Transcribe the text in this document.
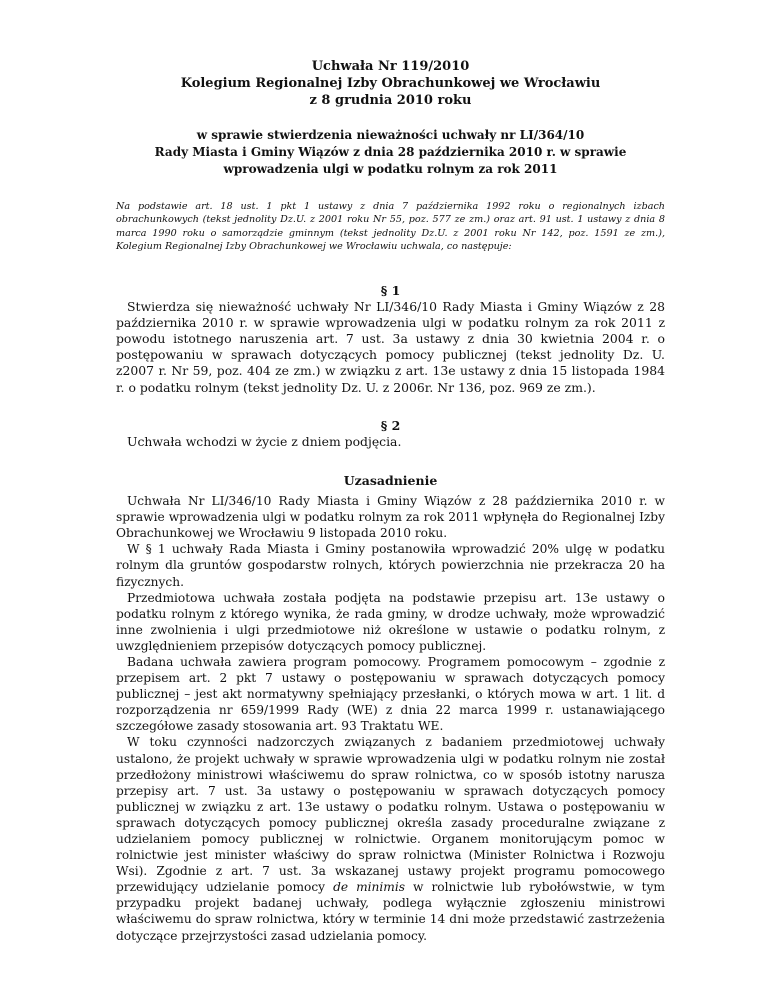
Uchwała Nr 119/2010

Kolegium Regionalnej Izby Obrachunkowej we Wrocławiu

z 8 grudnia 2010 roku

w sprawie stwierdzenia nieważności uchwały nr LI/364/10

Rady Miasta i Gminy Wiązów z dnia 28 października 2010 r. w sprawie

wprowadzenia ulgi w podatku rolnym za rok 2011

Na podstawie art. 18 ust. 1 pkt 1 ustawy z dnia 7 października 1992 roku o regionalnych izbach obrachunkowych (tekst jednolity Dz.U. z 2001 roku Nr 55, poz. 577 ze zm.) oraz art. 91 ust. 1 ustawy z dnia 8 marca 1990 roku o samorządzie gminnym (tekst jednolity Dz.U. z 2001 roku Nr 142, poz. 1591 ze zm.), Kolegium Regionalnej Izby Obrachunkowej we Wrocławiu uchwala, co następuje:

§ 1

Stwierdza się nieważność uchwały Nr LI/346/10 Rady Miasta i Gminy Wiązów z 28 października 2010 r. w sprawie wprowadzenia ulgi w podatku rolnym za rok 2011 z powodu istotnego naruszenia art. 7 ust. 3a ustawy z dnia 30 kwietnia 2004 r. o postępowaniu w sprawach dotyczących pomocy publicznej (tekst jednolity Dz. U. z2007 r. Nr 59, poz. 404 ze zm.) w związku z art. 13e ustawy z dnia 15 listopada 1984 r. o podatku rolnym (tekst jednolity Dz. U. z 2006r. Nr 136, poz. 969 ze zm.).

§ 2

Uchwała wchodzi w życie z dniem podjęcia.

Uzasadnienie

Uchwała Nr LI/346/10 Rady Miasta i Gminy Wiązów z 28 października 2010 r. w sprawie wprowadzenia ulgi w podatku rolnym za rok 2011 wpłynęła do Regionalnej Izby Obrachunkowej we Wrocławiu 9 listopada 2010 roku.

W § 1 uchwały Rada Miasta i Gminy postanowiła wprowadzić 20% ulgę w podatku rolnym dla gruntów gospodarstw rolnych, których powierzchnia nie przekracza 20 ha fizycznych.

Przedmiotowa uchwała została podjęta na podstawie przepisu art. 13e ustawy o podatku rolnym z którego wynika, że rada gminy, w drodze uchwały, może wprowadzić inne zwolnienia i ulgi przedmiotowe niż określone w ustawie o podatku rolnym, z uwzględnieniem przepisów dotyczących pomocy publicznej.

Badana uchwała zawiera program pomocowy. Programem pomocowym – zgodnie z przepisem art. 2 pkt 7 ustawy o postępowaniu w sprawach dotyczących pomocy publicznej – jest akt normatywny spełniający przesłanki, o których mowa w art. 1 lit. d rozporządzenia nr 659/1999 Rady (WE) z dnia 22 marca 1999 r. ustanawiającego szczegółowe zasady stosowania art. 93 Traktatu WE.

W toku czynności nadzorczych związanych z badaniem przedmiotowej uchwały ustalono, że projekt uchwały w sprawie wprowadzenia ulgi w podatku rolnym nie został przedłożony ministrowi właściwemu do spraw rolnictwa, co w sposób istotny narusza przepisy art. 7 ust. 3a ustawy o postępowaniu w sprawach dotyczących pomocy publicznej w związku z art. 13e ustawy o podatku rolnym. Ustawa o postępowaniu w sprawach dotyczących pomocy publicznej określa zasady proceduralne związane z udzielaniem pomocy publicznej w rolnictwie. Organem monitorującym pomoc w rolnictwie jest minister właściwy do spraw rolnictwa (Minister Rolnictwa i Rozwoju Wsi). Zgodnie z art. 7 ust. 3a wskazanej ustawy projekt programu pomocowego przewidujący udzielanie pomocy de minimis w rolnictwie lub rybołówstwie, w tym przypadku projekt badanej uchwały, podlega wyłącznie zgłoszeniu ministrowi właściwemu do spraw rolnictwa, który w terminie 14 dni może przedstawić zastrzeżenia dotyczące przejrzystości zasad udzielania pomocy.
